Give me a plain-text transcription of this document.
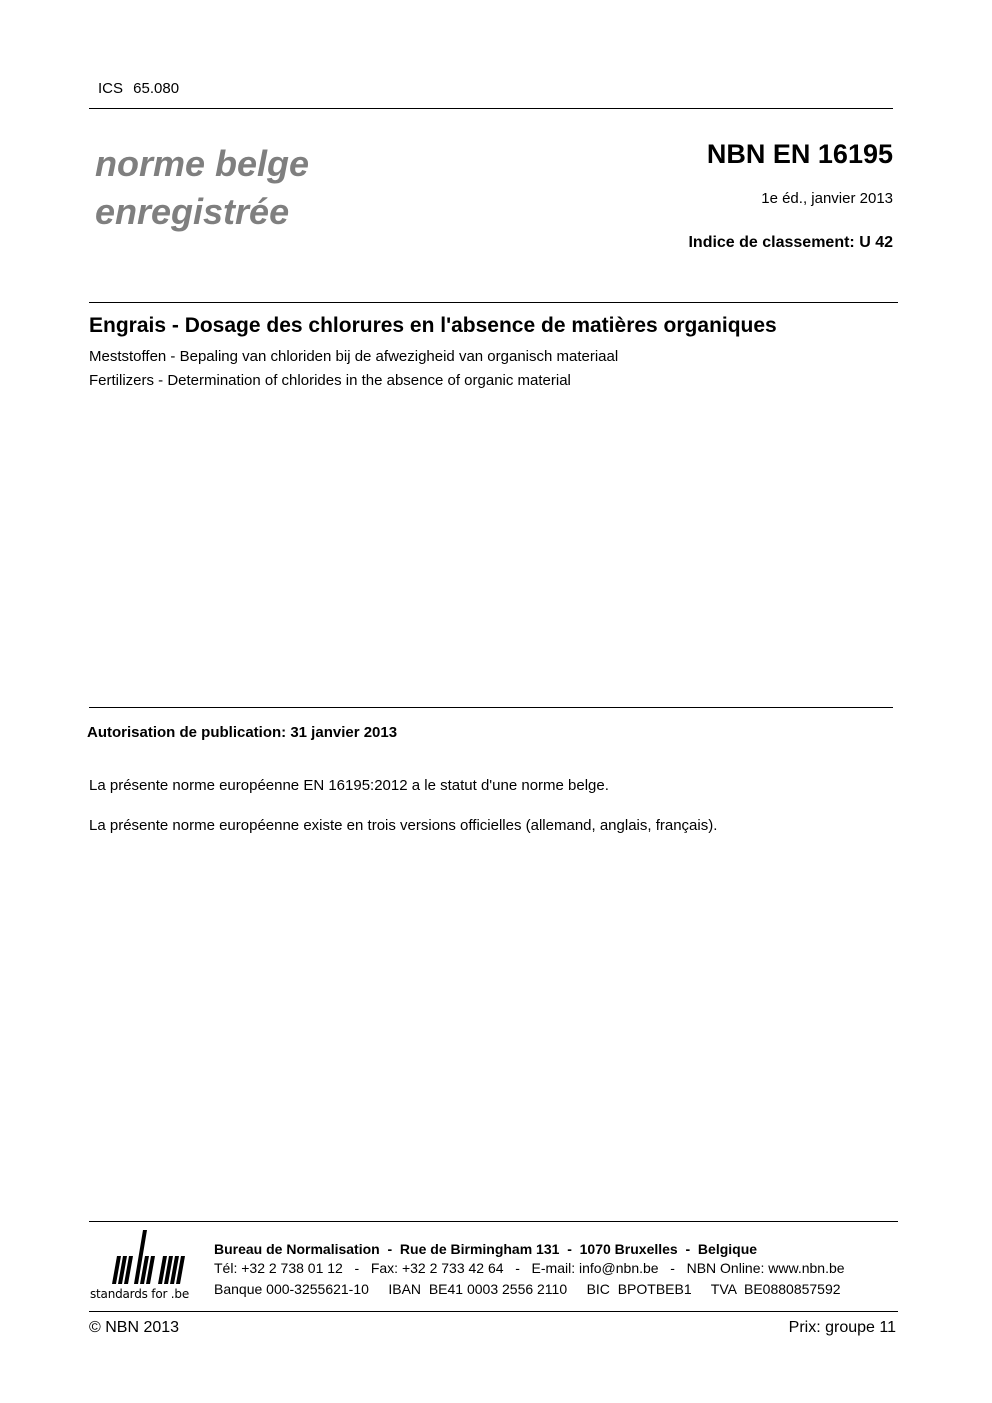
ICS 65.080
norme belge
enregistrée
NBN EN 16195
1e éd., janvier 2013
Indice de classement: U 42
Engrais - Dosage des chlorures en l'absence de matières organiques
Meststoffen - Bepaling van chloriden bij de afwezigheid van organisch materiaal
Fertilizers - Determination of chlorides in the absence of organic material
Autorisation de publication: 31 janvier 2013
La présente norme européenne EN 16195:2012 a le statut d'une norme belge.
La présente norme européenne existe en trois versions officielles (allemand, anglais, français).
standards for .be
Bureau de Normalisation  -  Rue de Birmingham 131  -  1070 Bruxelles  -  Belgique
Tél: +32 2 738 01 12   -   Fax: +32 2 733 42 64   -   E-mail: info@nbn.be   -   NBN Online: www.nbn.be
Banque 000-3255621-10     IBAN  BE41 0003 2556 2110     BIC  BPOTBEB1     TVA  BE0880857592
© NBN 2013	Prix: groupe 11
